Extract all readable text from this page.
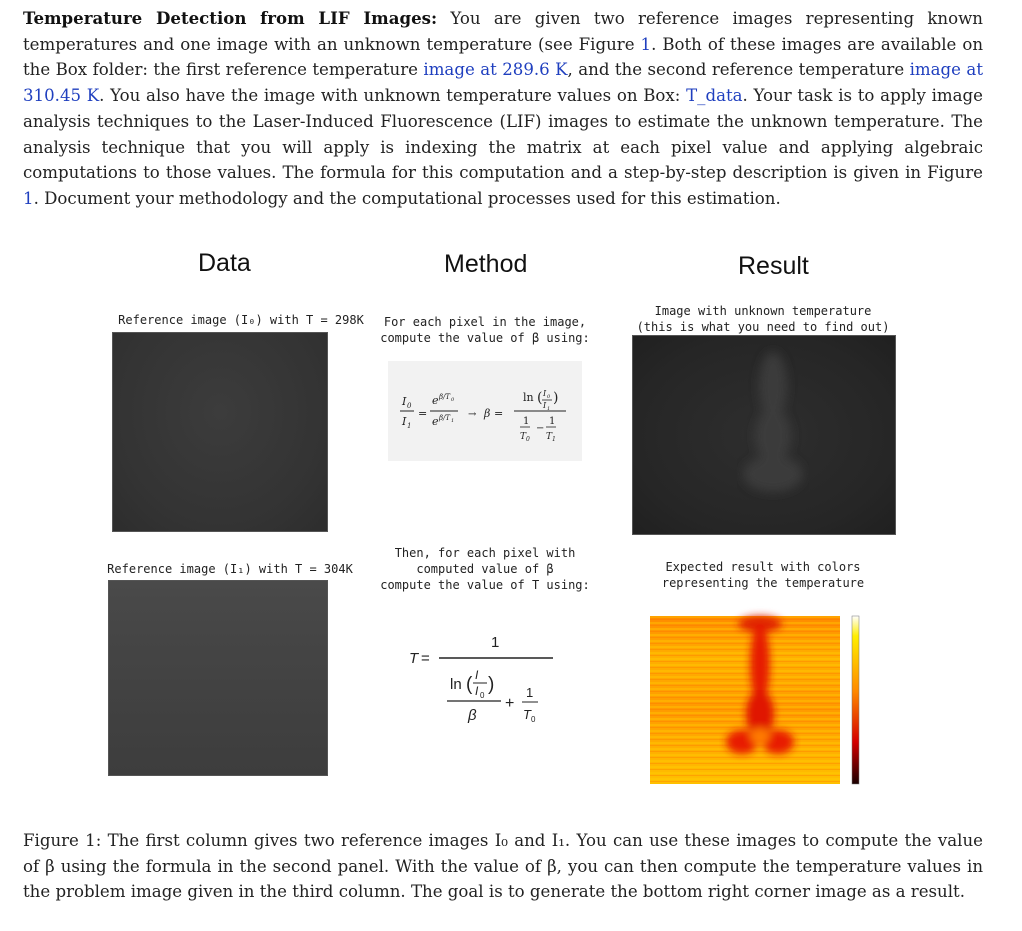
Temperature Detection from LIF Images: You are given two reference images representing known temperatures and one image with an unknown temperature (see Figure 1. Both of these images are available on the Box folder: the first reference temperature image at 289.6 K, and the second reference temperature image at 310.45 K. You also have the image with unknown temperature values on Box: T_data. Your task is to apply image analysis techniques to the Laser-Induced Fluorescence (LIF) images to estimate the unknown temperature. The analysis technique that you will apply is indexing the matrix at each pixel value and applying algebraic computations to those values. The formula for this computation and a step-by-step description is given in Figure 1. Document your methodology and the computational processes used for this estimation.
Data	Method	Result
Reference image (I₀) with T = 298K
Reference image (I₁) with T = 304K
For each pixel in the image,
compute the value of β using:
I 0
I 1
=
e β/T 0
e β/T 1
→ β =
ln ( I 0
I 1
)
1
T 0
−
1
T 1
Then, for each pixel with
computed value of β
compute the value of T using:
T =
1
ln ( I
I 0
)
β
+
1
T 0
Image with unknown temperature
(this is what you need to find out)
Expected result with colors
representing the temperature
Figure 1: The first column gives two reference images I₀ and I₁. You can use these images to compute the value of β using the formula in the second panel. With the value of β, you can then compute the temperature values in the problem image given in the third column. The goal is to generate the bottom right corner image as a result.
